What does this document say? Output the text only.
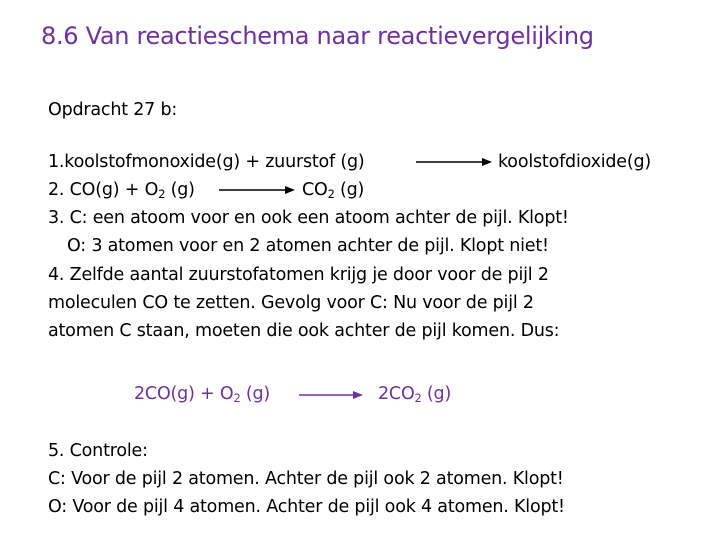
8.6 Van reactieschema naar reactievergelijking
Opdracht 27 b:
1.koolstofmonoxide(g) + zuurstof (g)	koolstofdioxide(g)
2. $CO(g) + O_2$ (g)	$CO_2$ (g)
3. C: een atoom voor en ook een atoom achter de pijl. Klopt!
O: 3 atomen voor en 2 atomen achter de pijl. Klopt niet!
4. Zelfde aantal zuurstofatomen krijg je door voor de pijl 2
moleculen CO te zetten. Gevolg voor C: Nu voor de pijl 2
atomen C staan, moeten die ook achter de pijl komen. Dus:
$2CO(g) + O_2$ $(g) \to 2CO_2$ (g)
5. Controle:
C: Voor de pijl 2 atomen. Achter de pijl ook 2 atomen. Klopt!
O: Voor de pijl 4 atomen. Achter de pijl ook 4 atomen. Klopt!
